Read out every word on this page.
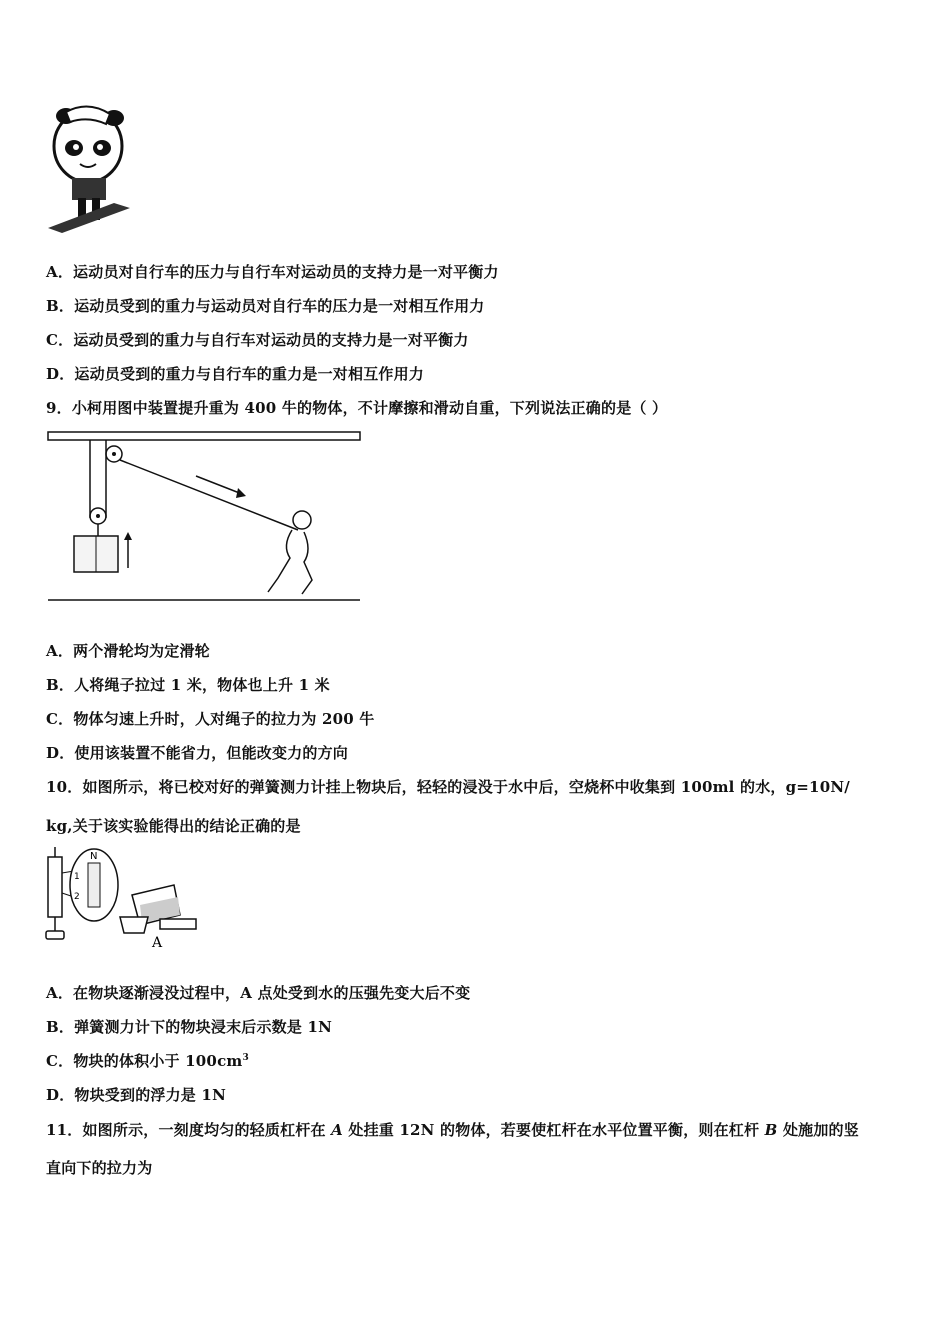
A．运动员对自行车的压力与自行车对运动员的支持力是一对平衡力
B．运动员受到的重力与运动员对自行车的压力是一对相互作用力
C．运动员受到的重力与自行车对运动员的支持力是一对平衡力
D．运动员受到的重力与自行车的重力是一对相互作用力
9．小柯用图中装置提升重为 400 牛的物体，不计摩擦和滑动自重，下列说法正确的是（ ）
A．两个滑轮均为定滑轮
B．人将绳子拉过 1 米，物体也上升 1 米
C．物体匀速上升时，人对绳子的拉力为 200 牛
D．使用该装置不能省力，但能改变力的方向
10．如图所示，将已校对好的弹簧测力计挂上物块后，轻轻的浸没于水中后，空烧杯中收集到 100ml 的水，g=10N/
kg,关于该实验能得出的结论正确的是
N
1
2
A
A．在物块逐渐浸没过程中，A 点处受到水的压强先变大后不变
B．弹簧测力计下的物块浸末后示数是 1N
C．物块的体积小于 $100cm^3$
D．物块受到的浮力是 1N
11．如图所示，一刻度均匀的轻质杠杆在 A 处挂重 12N 的物体，若要使杠杆在水平位置平衡，则在杠杆 B 处施加的竖
直向下的拉力为
